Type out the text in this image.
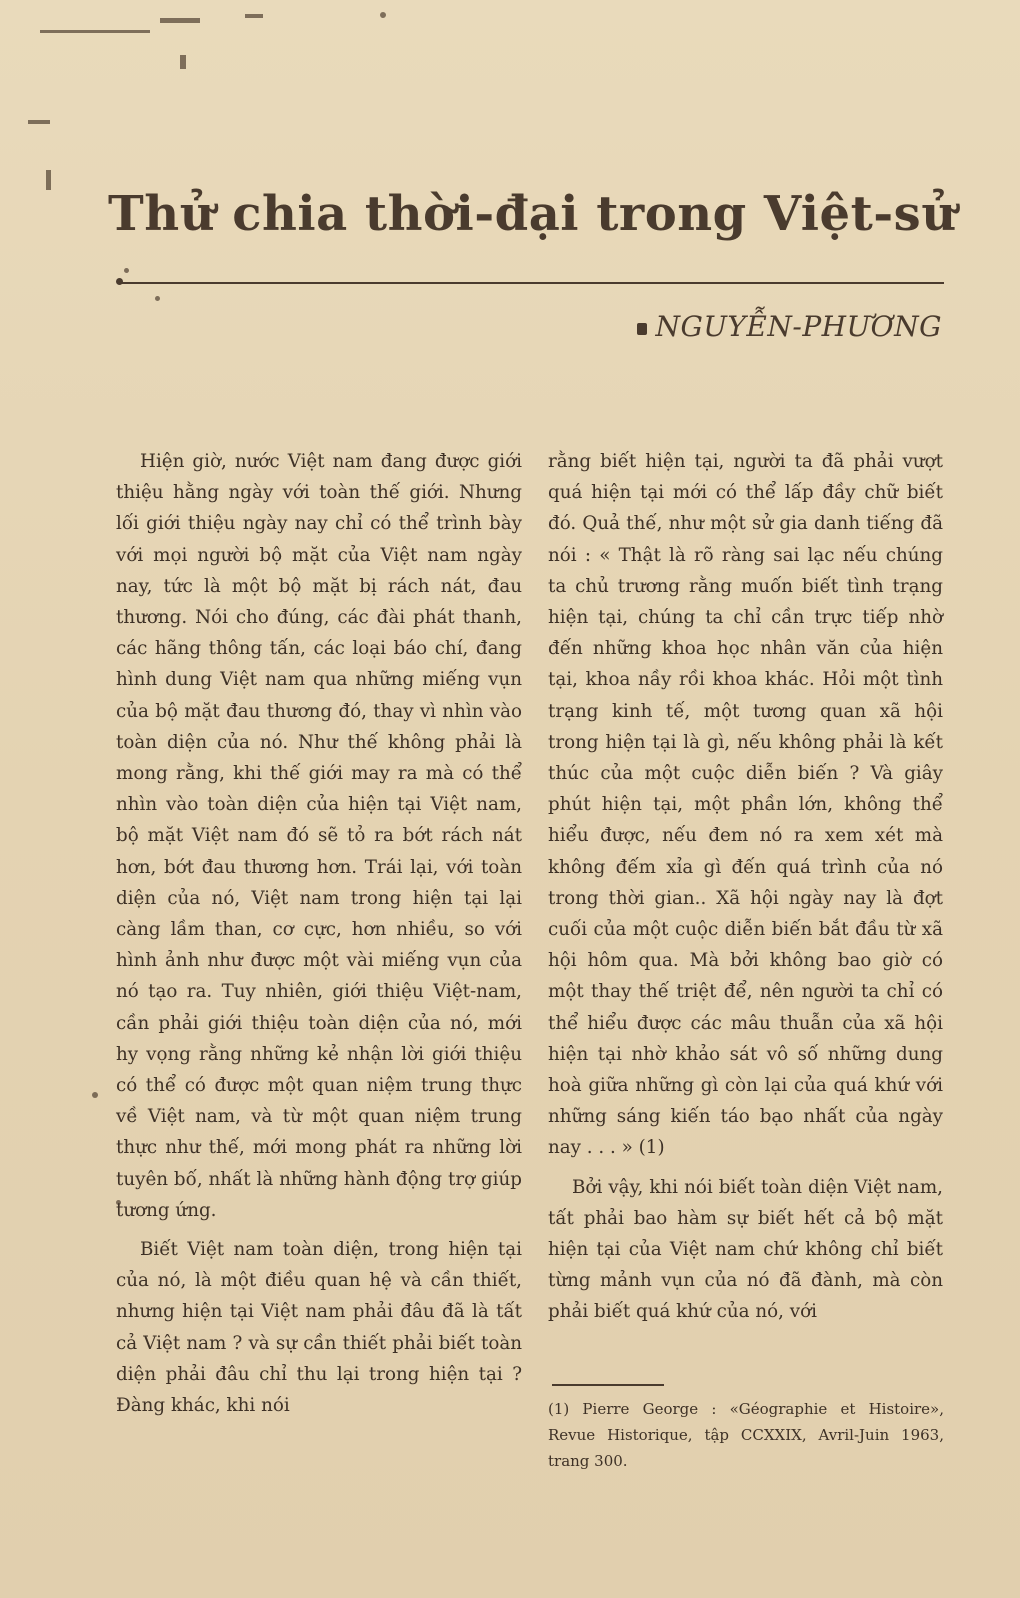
Thử chia thời-đại trong Việt-sử
NGUYỄN-PHƯƠNG

Hiện giờ, nước Việt nam đang được giới thiệu hằng ngày với toàn thế giới. Nhưng lối giới thiệu ngày nay chỉ có thể trình bày với mọi người bộ mặt của Việt nam ngày nay, tức là một bộ mặt bị rách nát, đau thương. Nói cho đúng, các đài phát thanh, các hãng thông tấn, các loại báo chí, đang hình dung Việt nam qua những miếng vụn của bộ mặt đau thương đó, thay vì nhìn vào toàn diện của nó. Như thế không phải là mong rằng, khi thế giới may ra mà có thể nhìn vào toàn diện của hiện tại Việt nam, bộ mặt Việt nam đó sẽ tỏ ra bớt rách nát hơn, bớt đau thương hơn. Trái lại, với toàn diện của nó, Việt nam trong hiện tại lại càng lầm than, cơ cực, hơn nhiều, so với hình ảnh như được một vài miếng vụn của nó tạo ra. Tuy nhiên, giới thiệu Việt-nam, cần phải giới thiệu toàn diện của nó, mới hy vọng rằng những kẻ nhận lời giới thiệu có thể có được một quan niệm trung thực về Việt nam, và từ một quan niệm trung thực như thế, mới mong phát ra những lời tuyên bố, nhất là những hành động trợ giúp tương ứng.

Biết Việt nam toàn diện, trong hiện tại của nó, là một điều quan hệ và cần thiết, nhưng hiện tại Việt nam phải đâu đã là tất cả Việt nam ? và sự cần thiết phải biết toàn diện phải đâu chỉ thu lại trong hiện tại ? Đàng khác, khi nói

rằng biết hiện tại, người ta đã phải vượt quá hiện tại mới có thể lấp đầy chữ biết đó. Quả thế, như một sử gia danh tiếng đã nói : « Thật là rõ ràng sai lạc nếu chúng ta chủ trương rằng muốn biết tình trạng hiện tại, chúng ta chỉ cần trực tiếp nhờ đến những khoa học nhân văn của hiện tại, khoa nầy rồi khoa khác. Hỏi một tình trạng kinh tế, một tương quan xã hội trong hiện tại là gì, nếu không phải là kết thúc của một cuộc diễn biến ? Và giây phút hiện tại, một phần lớn, không thể hiểu được, nếu đem nó ra xem xét mà không đếm xỉa gì đến quá trình của nó trong thời gian.. Xã hội ngày nay là đợt cuối của một cuộc diễn biến bắt đầu từ xã hội hôm qua. Mà bởi không bao giờ có một thay thế triệt để, nên người ta chỉ có thể hiểu được các mâu thuẫn của xã hội hiện tại nhờ khảo sát vô số những dung hoà giữa những gì còn lại của quá khứ với những sáng kiến táo bạo nhất của ngày nay . . . » (1)

Bởi vậy, khi nói biết toàn diện Việt nam, tất phải bao hàm sự biết hết cả bộ mặt hiện tại của Việt nam chứ không chỉ biết từng mảnh vụn của nó đã đành, mà còn phải biết quá khứ của nó, với

(1) Pierre George : «Géographie et Histoire», Revue Historique, tập CCXXIX, Avril-Juin 1963, trang 300.
